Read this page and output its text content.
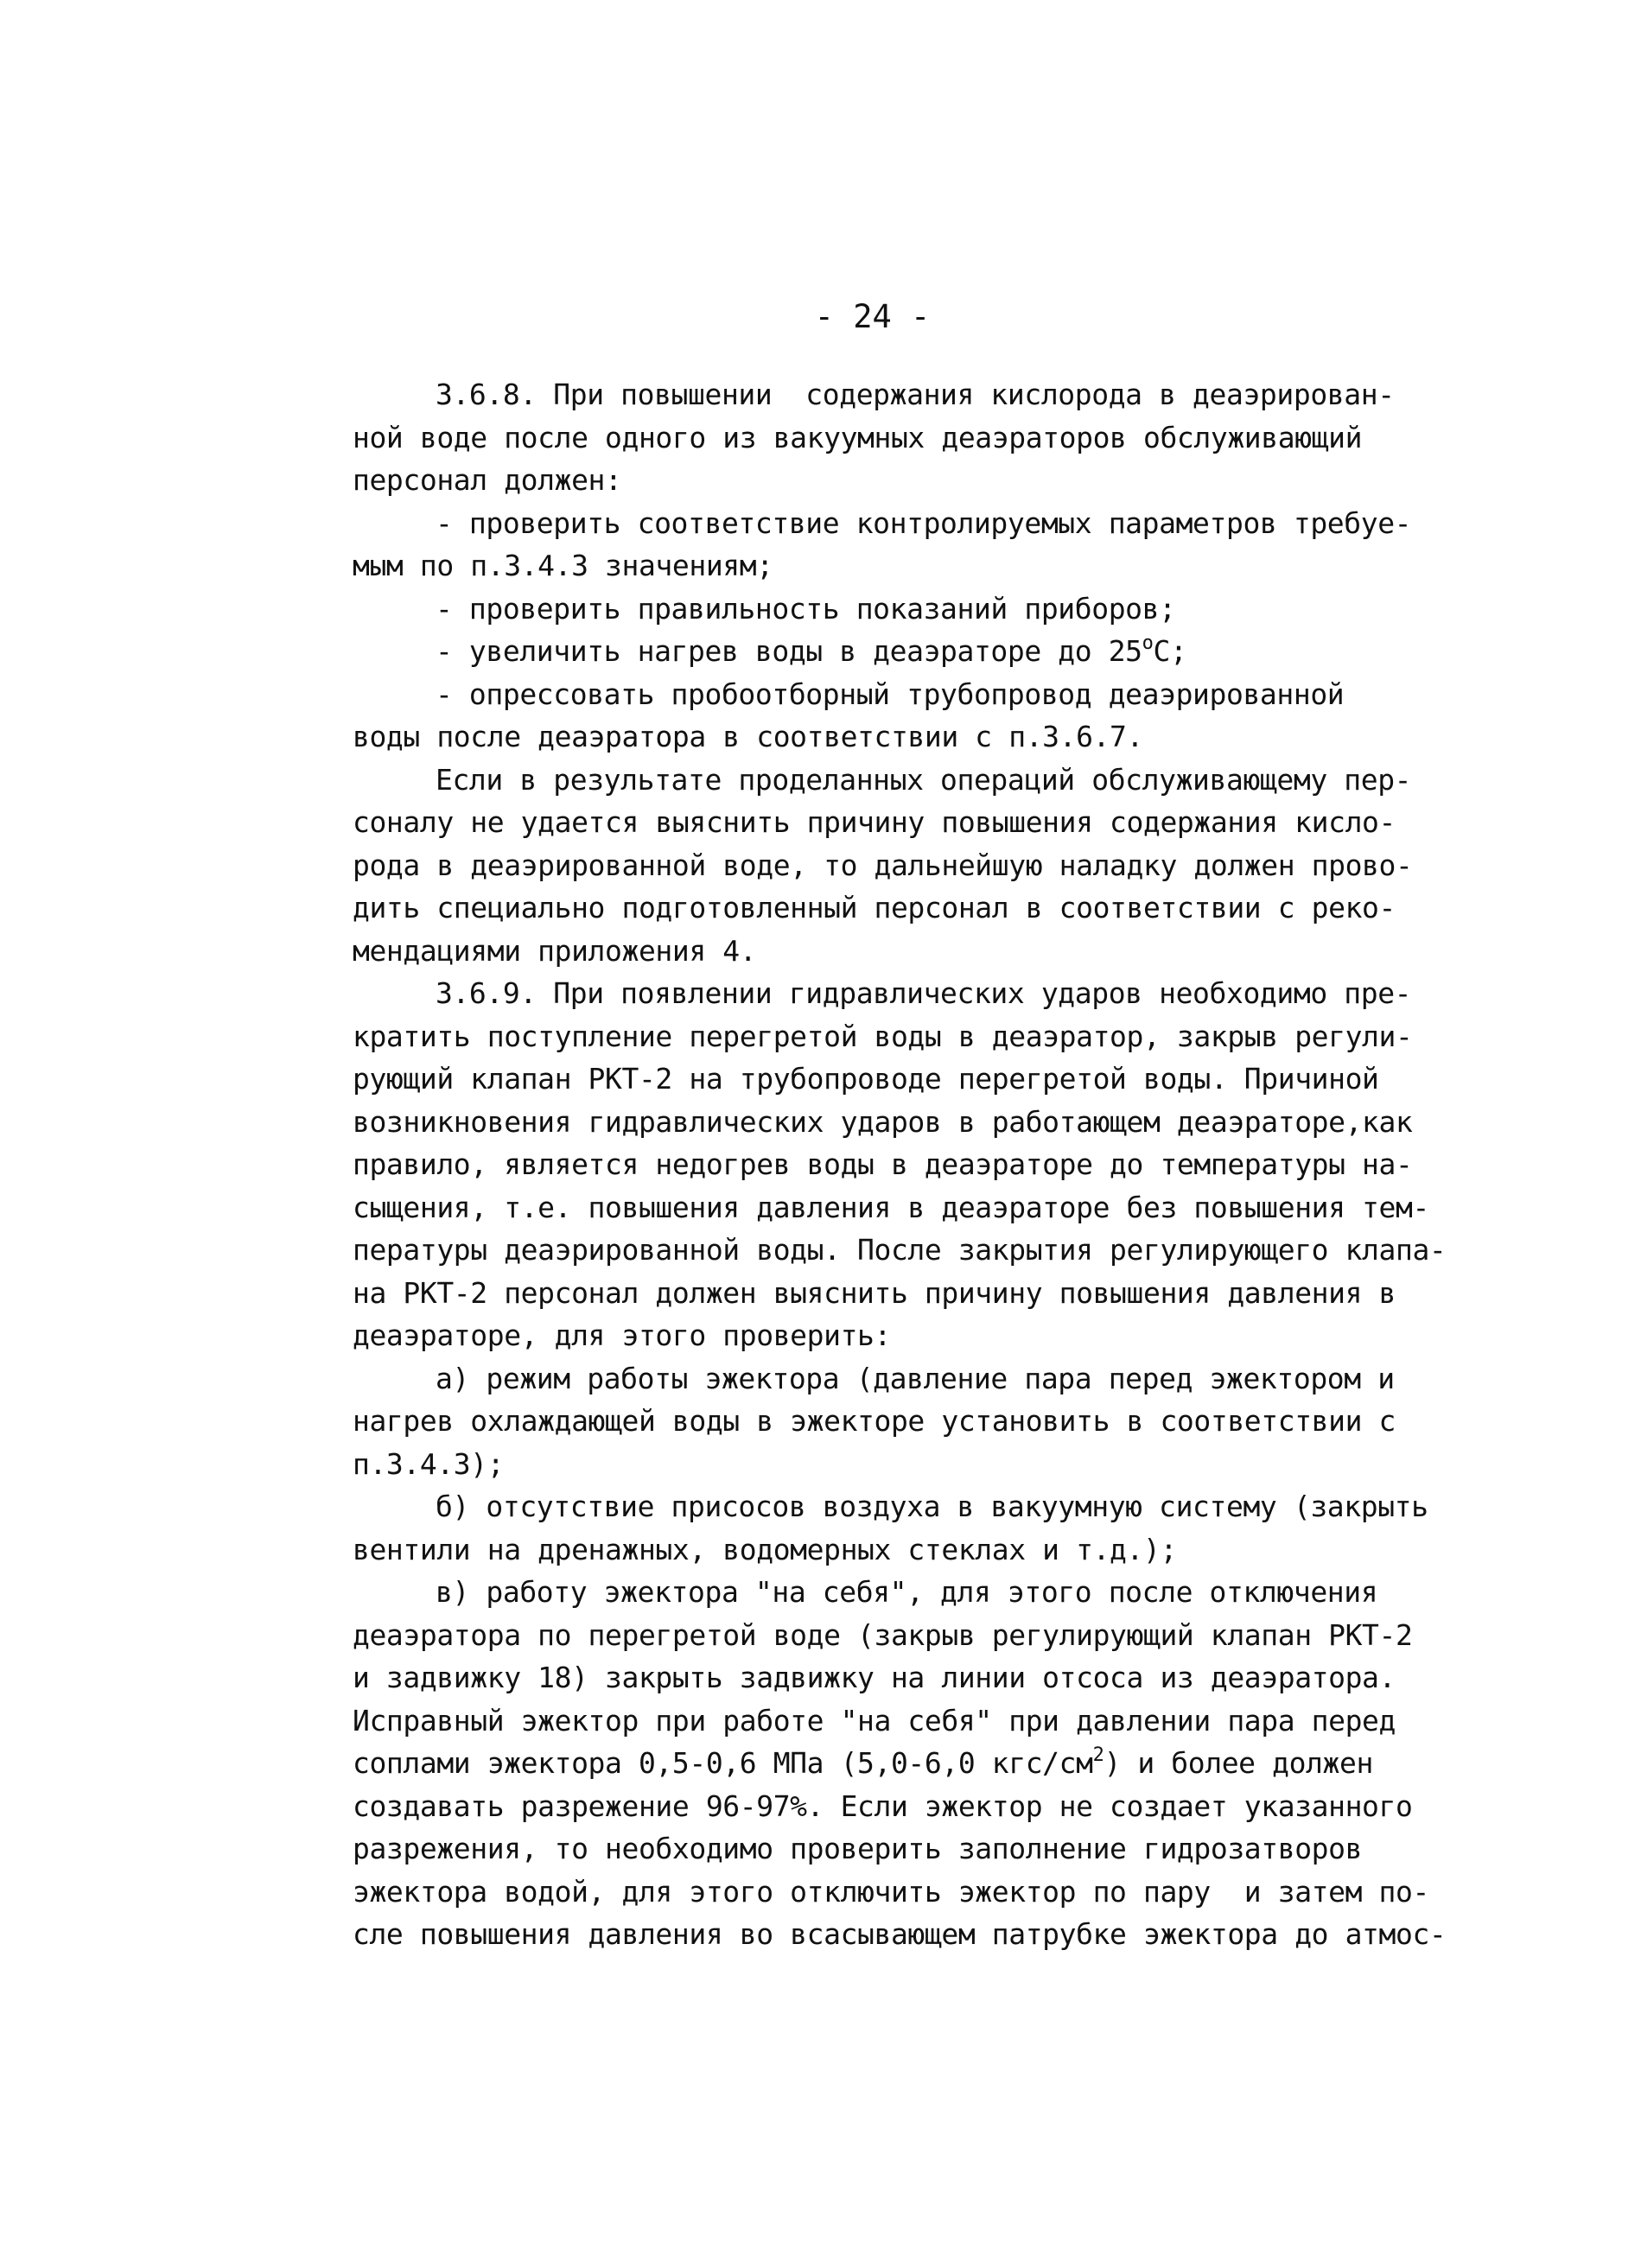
- 24 -
3.6.8. При повышении  содержания кислорода в деаэрирован-
ной воде после одного из вакуумных деаэраторов обслуживающий
персонал должен:
- проверить соответствие контролируемых параметров требуе-
мым по п.3.4.3 значениям;
- проверить правильность показаний приборов;
- увеличить нагрев воды в деаэраторе до $25^оС$;
- опрессовать пробоотборный трубопровод деаэрированной
воды после деаэратора в соответствии с п.3.6.7.
Если в результате проделанных операций обслуживающему пер-
соналу не удается выяснить причину повышения содержания кисло-
рода в деаэрированной воде, то дальнейшую наладку должен прово-
дить специально подготовленный персонал в соответствии с реко-
мендациями приложения 4.
3.6.9. При появлении гидравлических ударов необходимо пре-
кратить поступление перегретой воды в деаэратор, закрыв регули-
рующий клапан РКТ-2 на трубопроводе перегретой воды. Причиной
возникновения гидравлических ударов в работающем деаэраторе,как
правило, является недогрев воды в деаэраторе до температуры на-
сыщения, т.е. повышения давления в деаэраторе без повышения тем-
пературы деаэрированной воды. После закрытия регулирующего клапа-
на РКТ-2 персонал должен выяснить причину повышения давления в
деаэраторе, для этого проверить:
а) режим работы эжектора (давление пара перед эжектором и
нагрев охлаждающей воды в эжекторе установить в соответствии с
п.3.4.3);
б) отсутствие присосов воздуха в вакуумную систему (закрыть
вентили на дренажных, водомерных стеклах и т.д.);
в) работу эжектора "на себя", для этого после отключения
деаэратора по перегретой воде (закрыв регулирующий клапан РКТ-2
и задвижку 18) закрыть задвижку на линии отсоса из деаэратора.
Исправный эжектор при работе "на себя" при давлении пара перед
соплами эжектора 0,5-0,6 МПа (5,0-6,0 кгс/$см^2$) и более должен
создавать разрежение 96-97%. Если эжектор не создает указанного
разрежения, то необходимо проверить заполнение гидрозатворов
эжектора водой, для этого отключить эжектор по пару  и затем по-
сле повышения давления во всасывающем патрубке эжектора до атмос-
